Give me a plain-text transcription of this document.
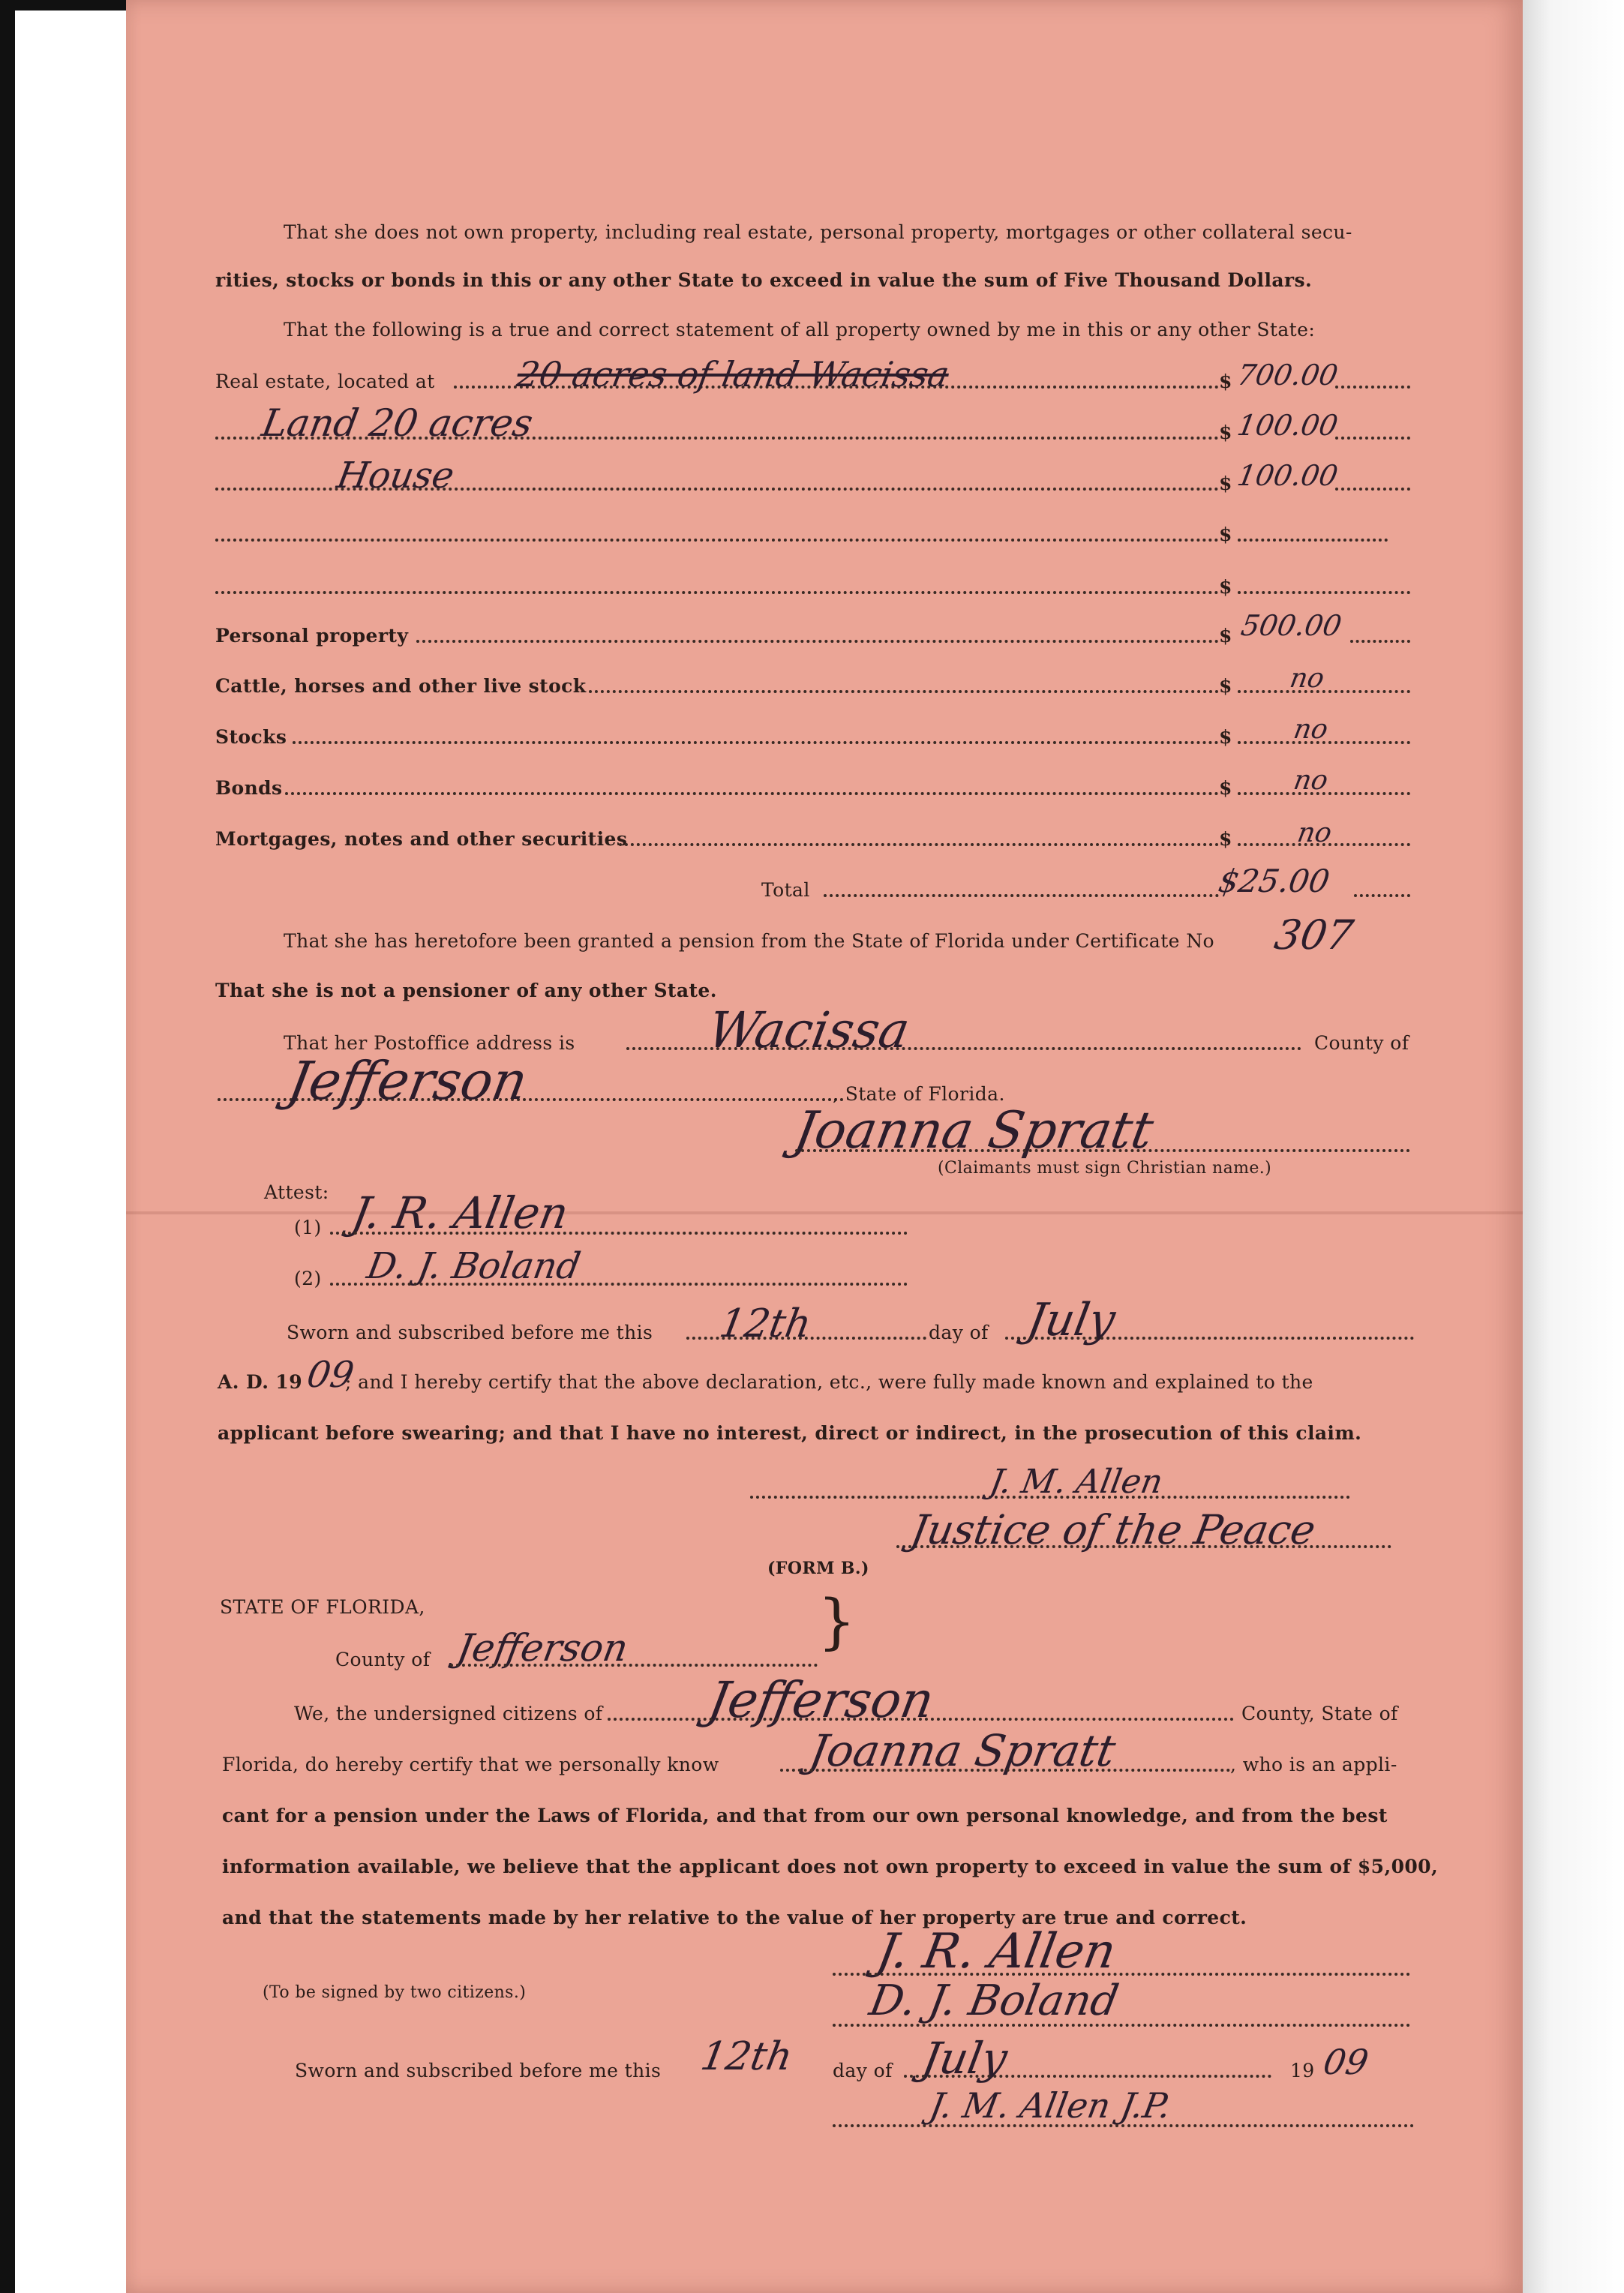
That she does not own property, including real estate, personal property, mortgages or other collateral secu-
rities, stocks or bonds in this or any other State to exceed in value the sum of Five Thousand Dollars.
That the following is a true and correct statement of all property owned by me in this or any other State:
Real estate, located at 20 acres of land Wacissa	$ 700.00
Land 20 acres	$ 100.00
House	$ 100.00
$
$
Personal property	$ 500.00
Cattle, horses and other live stock	$ no
Stocks	$ no
Bonds	$ no
Mortgages, notes and other securities	$ no
Total	$25.00
That she has heretofore been granted a pension from the State of Florida under Certificate No 307
That she is not a pensioner of any other State.
That her Postoffice address is	Wacissa	County of
Jefferson	, State of Florida.
Joanna Spratt
(Claimants must sign Christian name.)
Attest:
(1) J. R. Allen
(2) D. J. Boland
Sworn and subscribed before me this 12th	day of July
A. D. 19 09
; and I hereby certify that the above declaration, etc., were fully made known and explained to the
applicant before swearing; and that I have no interest, direct or indirect, in the prosecution of this claim.
J. M. Allen
Justice of the Peace
(FORM B.)
STATE OF FLORIDA,	}
County of Jefferson
We, the undersigned citizens of Jefferson	County, State of
Florida, do hereby certify that we personally know Joanna Spratt	, who is an appli-
cant for a pension under the Laws of Florida, and that from our own personal knowledge, and from the best
information available, we believe that the applicant does not own property to exceed in value the sum of $5,000,
and that the statements made by her relative to the value of her property are true and correct.
J. R. Allen
(To be signed by two citizens.)	D. J. Boland
Sworn and subscribed before me this 12th day of July	19 09
J. M. Allen J.P.
